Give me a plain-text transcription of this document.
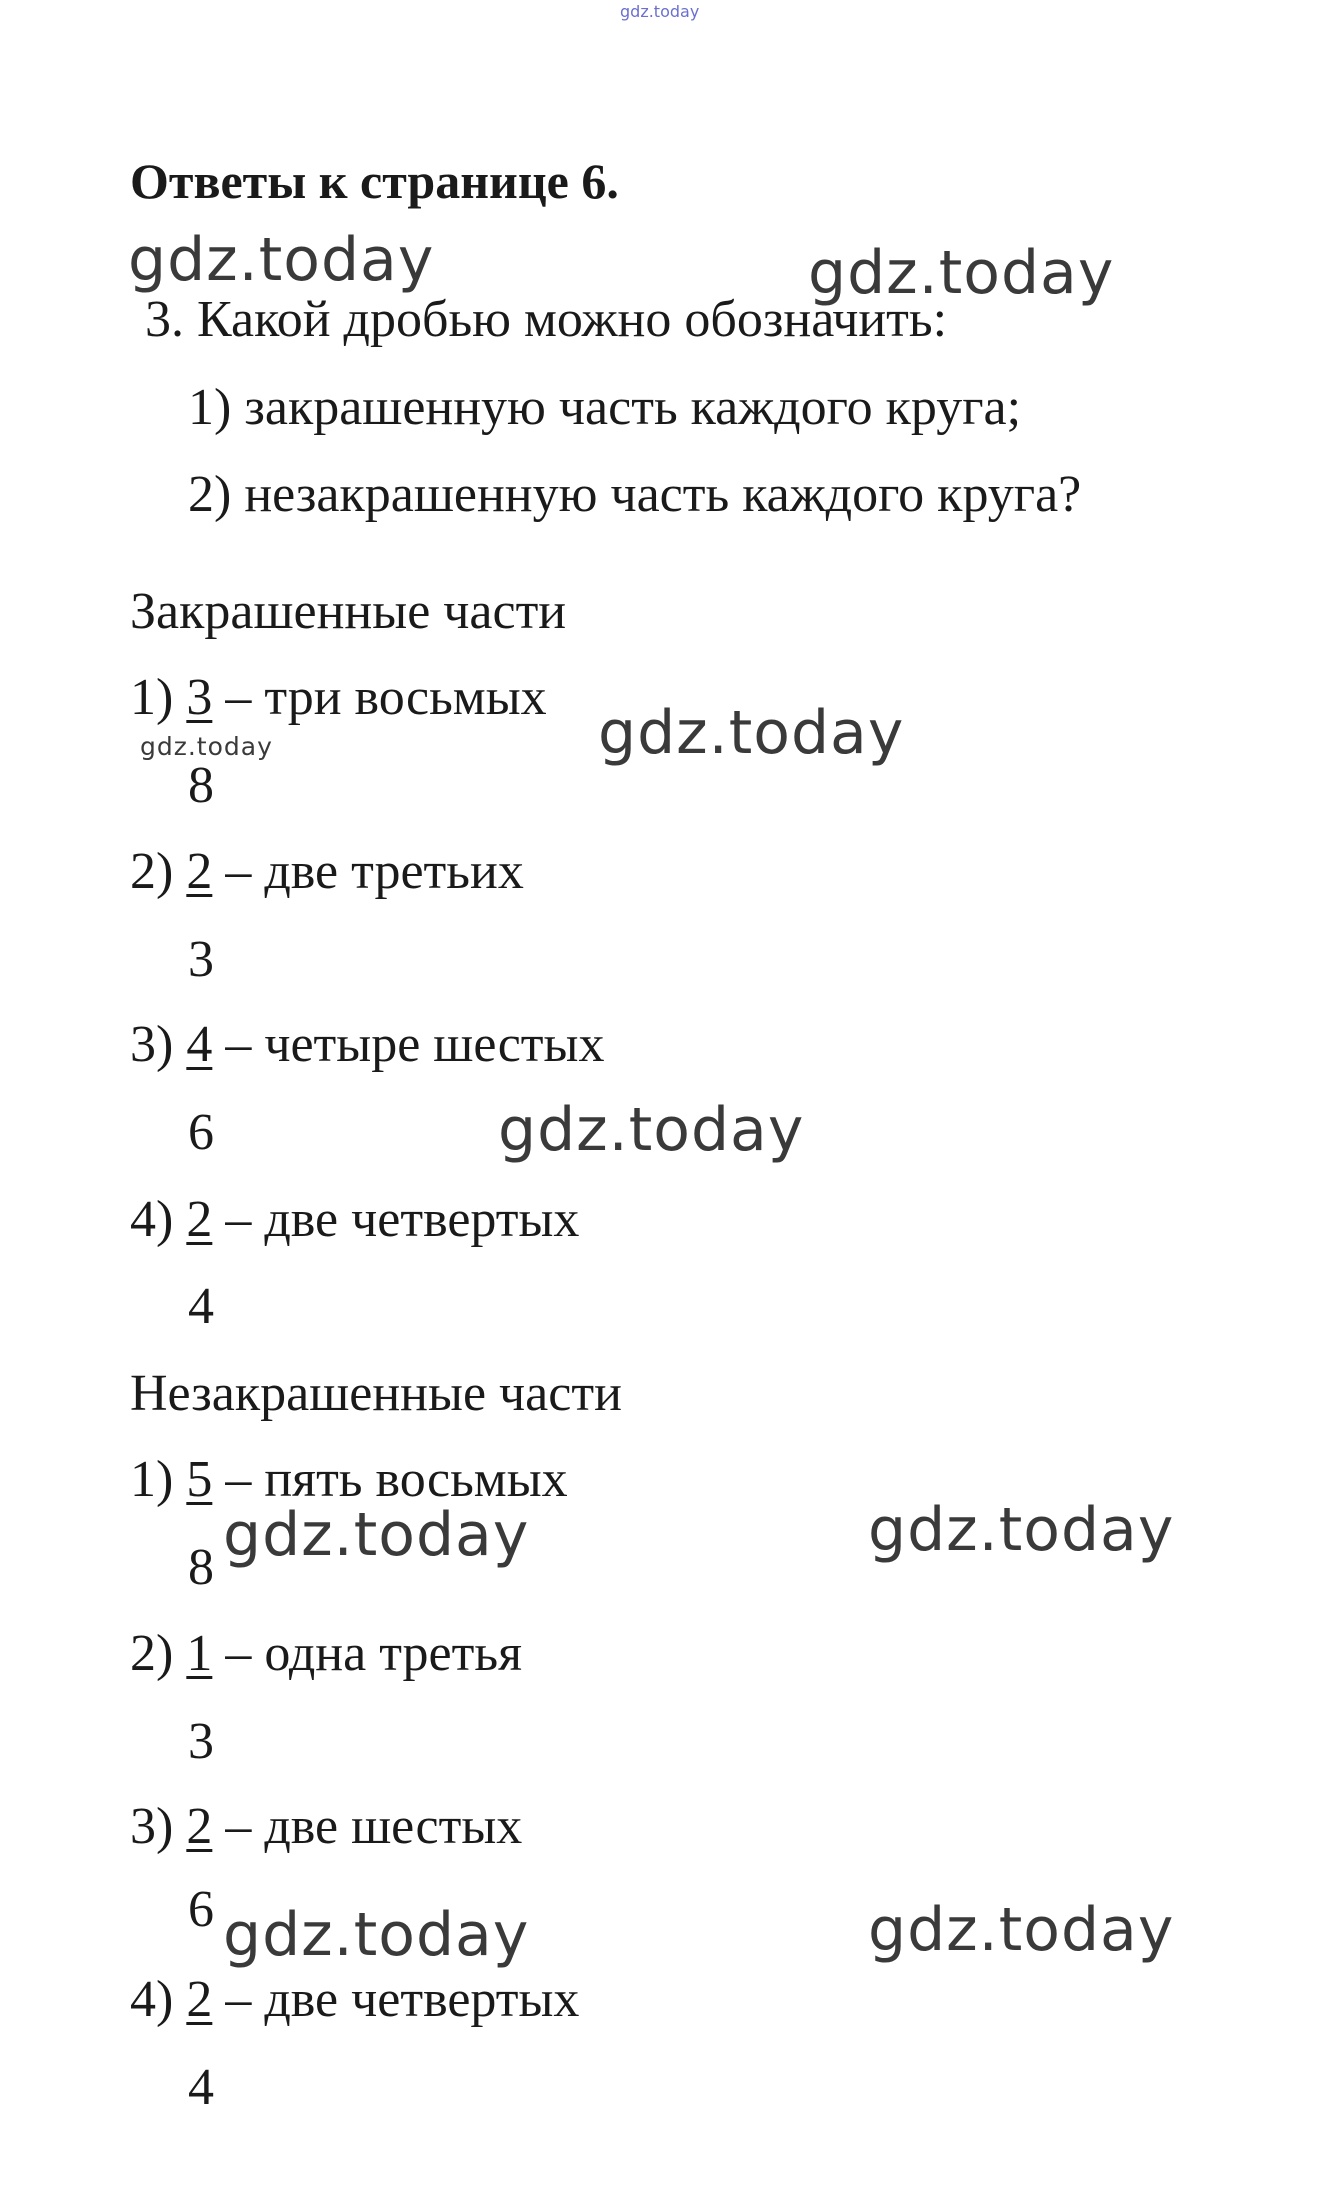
gdz.today
Ответы к странице 6.
gdz.today	gdz.today
3. Какой дробью можно обозначить:
1) закрашенную часть каждого круга;
2) незакрашенную часть каждого круга?
Закрашенные части
1) 3 – три восьмых
gdz.today	gdz.today
8
2) 2 – две третьих
3
3) 4 – четыре шестых
6	gdz.today
4) 2 – две четвертых
4
Незакрашенные части
1) 5 – пять восьмых
8 gdz.today	gdz.today
2) 1 – одна третья
3
3) 2 – две шестых
6 gdz.today	gdz.today
4) 2 – две четвертых
4
